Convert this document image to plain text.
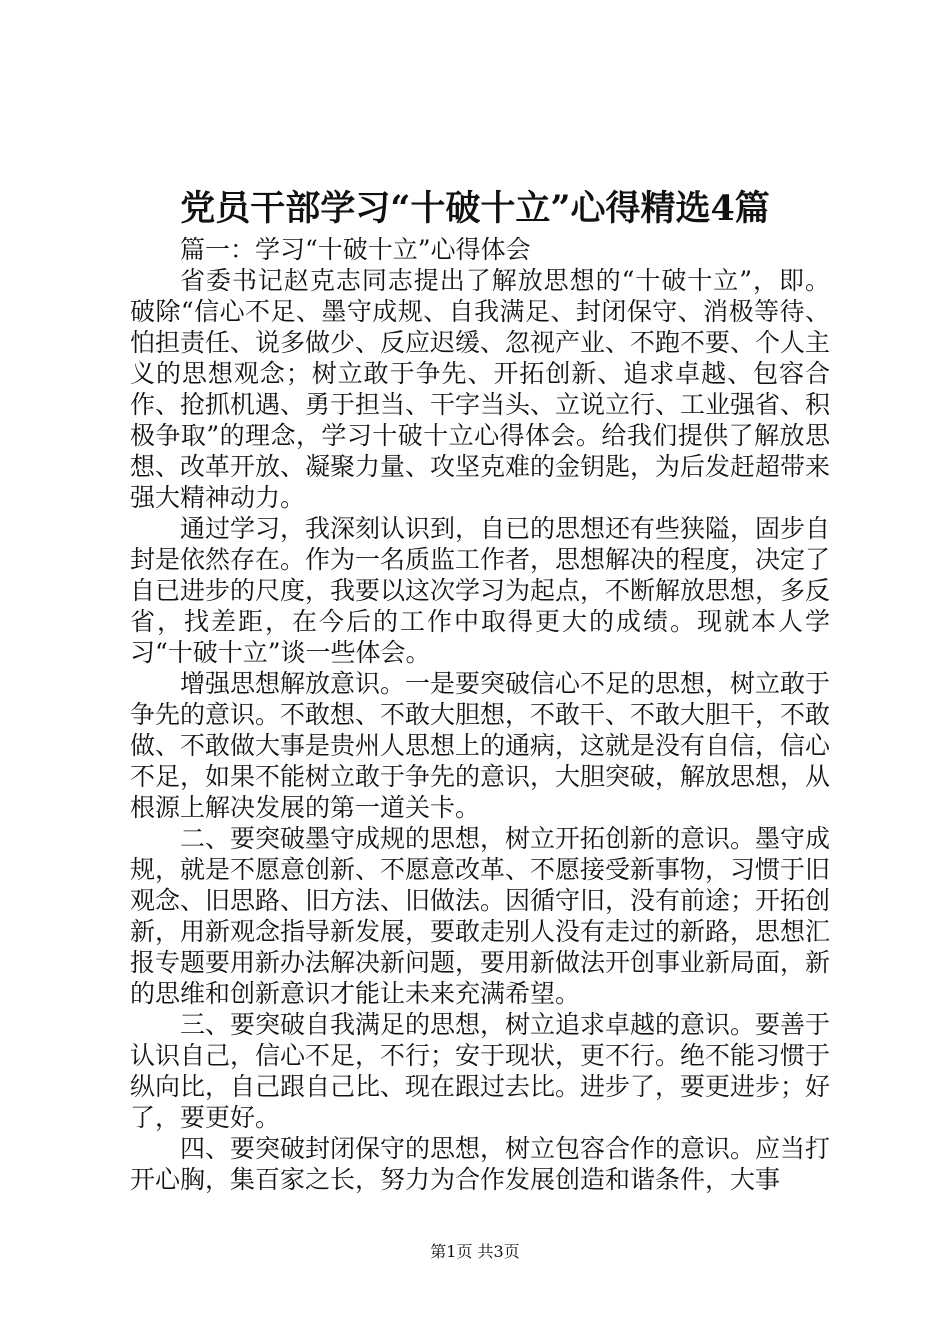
党员干部学习“十破十立”心得精选4篇

篇一：学习“十破十立”心得体会

省委书记赵克志同志提出了解放思想的“十破十立”，即。破除“信心不足、墨守成规、自我满足、封闭保守、消极等待、怕担责任、说多做少、反应迟缓、忽视产业、不跑不要、个人主义的思想观念；树立敢于争先、开拓创新、追求卓越、包容合作、抢抓机遇、勇于担当、干字当头、立说立行、工业强省、积极争取”的理念，学习十破十立心得体会。给我们提供了解放思想、改革开放、凝聚力量、攻坚克难的金钥匙，为后发赶超带来强大精神动力。

通过学习，我深刻认识到，自已的思想还有些狭隘，固步自封是依然存在。作为一名质监工作者，思想解决的程度，决定了自已进步的尺度，我要以这次学习为起点，不断解放思想，多反省，找差距，在今后的工作中取得更大的成绩。现就本人学习“十破十立”谈一些体会。

增强思想解放意识。一是要突破信心不足的思想，树立敢于争先的意识。不敢想、不敢大胆想，不敢干、不敢大胆干，不敢做、不敢做大事是贵州人思想上的通病，这就是没有自信，信心不足，如果不能树立敢于争先的意识，大胆突破，解放思想，从根源上解决发展的第一道关卡。

二、要突破墨守成规的思想，树立开拓创新的意识。墨守成规，就是不愿意创新、不愿意改革、不愿接受新事物，习惯于旧观念、旧思路、旧方法、旧做法。因循守旧，没有前途；开拓创新，用新观念指导新发展，要敢走别人没有走过的新路，思想汇报专题要用新办法解决新问题，要用新做法开创事业新局面，新的思维和创新意识才能让未来充满希望。

三、要突破自我满足的思想，树立追求卓越的意识。要善于认识自己，信心不足，不行；安于现状，更不行。绝不能习惯于纵向比，自己跟自己比、现在跟过去比。进步了，要更进步；好了，要更好。

四、要突破封闭保守的思想，树立包容合作的意识。应当打开心胸，集百家之长，努力为合作发展创造和谐条件，大事

第1页 共3页
